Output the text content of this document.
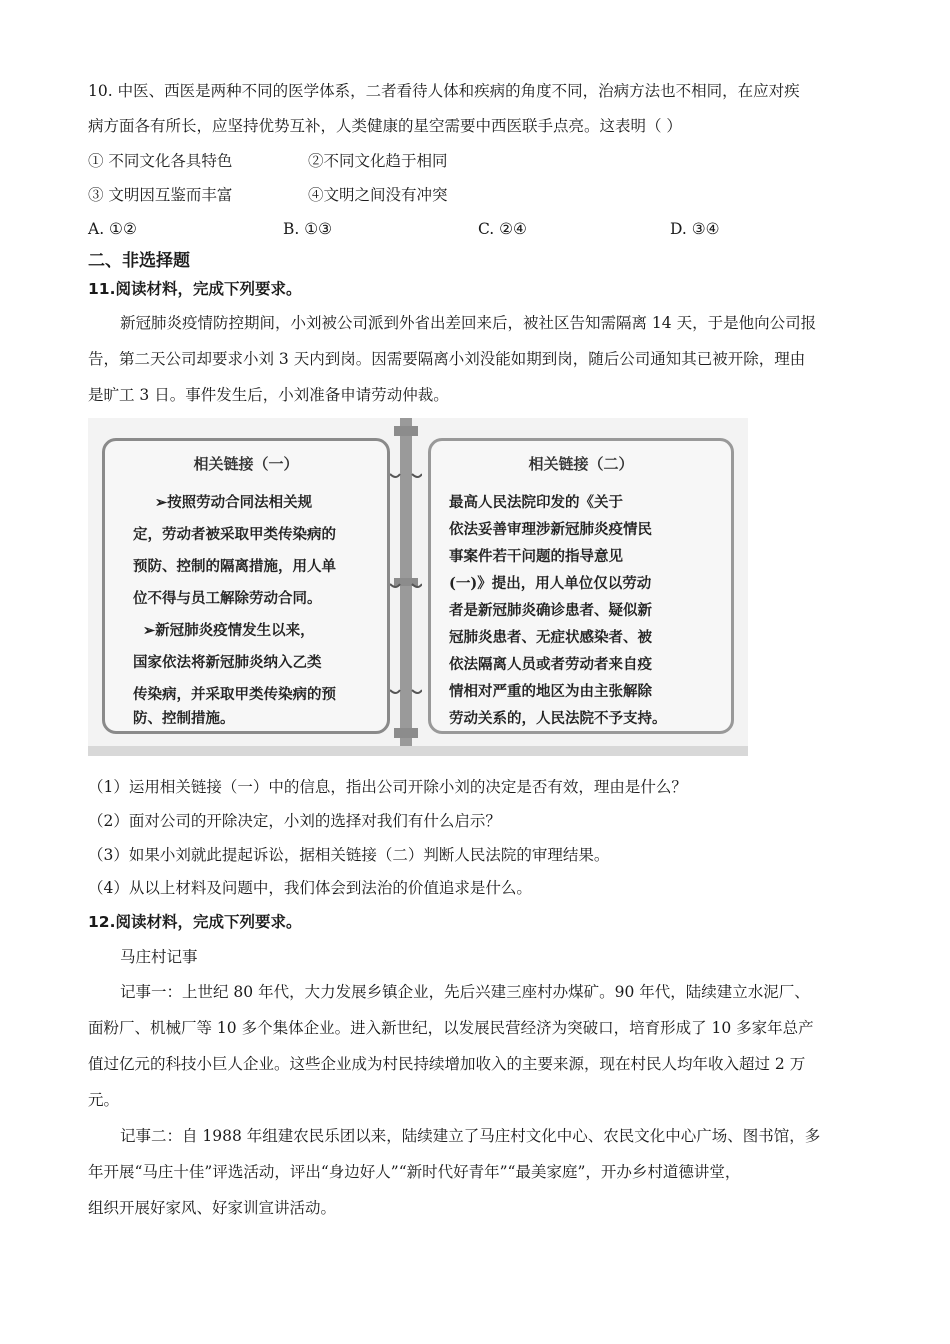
10. 中医、西医是两种不同的医学体系，二者看待人体和疾病的角度不同，治病方法也不相同，在应对疾
病方面各有所长，应坚持优势互补，人类健康的星空需要中西医联手点亮。这表明（ ）
① 不同文化各具特色	②不同文化趋于相同
③ 文明因互鉴而丰富	④文明之间没有冲突
A. ①②	B. ①③	C. ②④	D. ③④
二、非选择题
11.阅读材料，完成下列要求。
新冠肺炎疫情防控期间，小刘被公司派到外省出差回来后，被社区告知需隔离 14 天，于是他向公司报
告，第二天公司却要求小刘 3 天内到岗。因需要隔离小刘没能如期到岗，随后公司通知其已被开除，理由
是旷工 3 日。事件发生后，小刘准备申请劳动仲裁。
相关链接（一）
➢按照劳动合同法相关规
定，劳动者被采取甲类传染病的
预防、控制的隔离措施，用人单
位不得与员工解除劳动合同。
➢新冠肺炎疫情发生以来，
国家依法将新冠肺炎纳入乙类
传染病，并采取甲类传染病的预
防、控制措施。
相关链接（二）
最高人民法院印发的《关于
依法妥善审理涉新冠肺炎疫情民
事案件若干问题的指导意见
(一)》提出，用人单位仅以劳动
者是新冠肺炎确诊患者、疑似新
冠肺炎患者、无症状感染者、被
依法隔离人员或者劳动者来自疫
情相对严重的地区为由主张解除
劳动关系的，人民法院不予支持。
（1）运用相关链接（一）中的信息，指出公司开除小刘的决定是否有效，理由是什么？
（2）面对公司的开除决定，小刘的选择对我们有什么启示？
（3）如果小刘就此提起诉讼，据相关链接（二）判断人民法院的审理结果。
（4）从以上材料及问题中，我们体会到法治的价值追求是什么。
12.阅读材料，完成下列要求。
马庄村记事
记事一：上世纪 80 年代，大力发展乡镇企业，先后兴建三座村办煤矿。90 年代，陆续建立水泥厂、
面粉厂、机械厂等 10 多个集体企业。进入新世纪，以发展民营经济为突破口，培育形成了 10 多家年总产
值过亿元的科技小巨人企业。这些企业成为村民持续增加收入的主要来源，现在村民人均年收入超过 2 万
元。
记事二：自 1988 年组建农民乐团以来，陆续建立了马庄村文化中心、农民文化中心广场、图书馆，多
年开展“马庄十佳”评选活动，评出“身边好人”“新时代好青年”“最美家庭”，开办乡村道德讲堂，
组织开展好家风、好家训宣讲活动。
